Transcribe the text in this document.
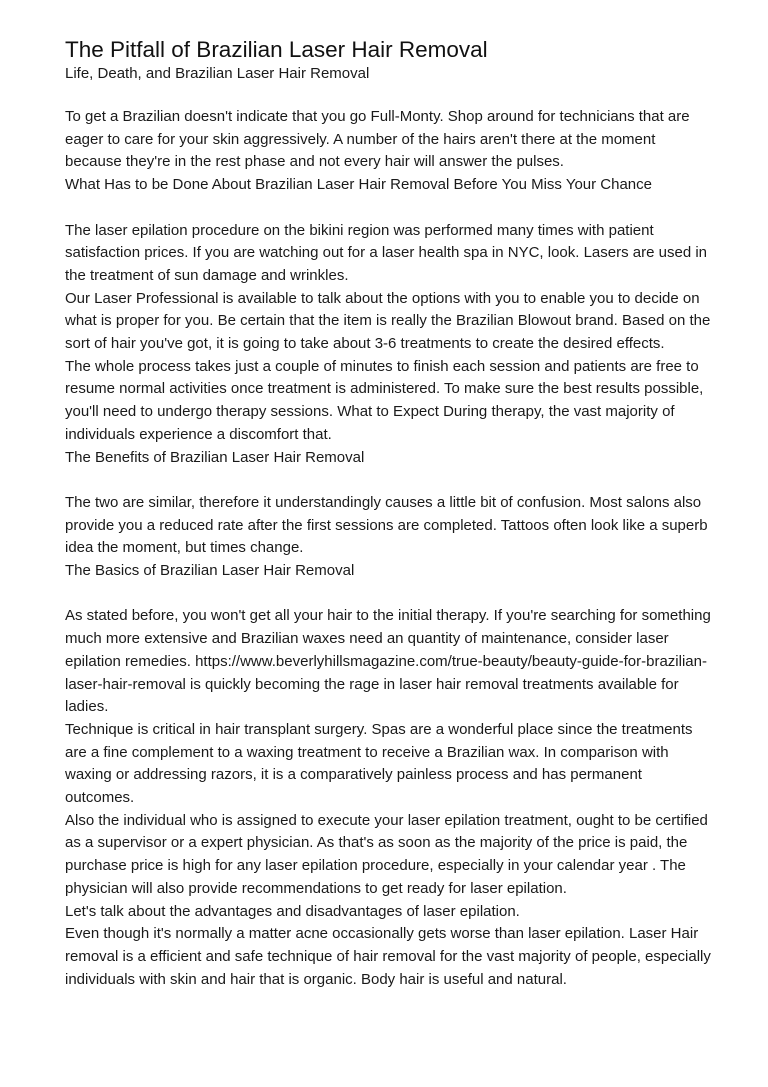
The Pitfall of Brazilian Laser Hair Removal
Life, Death, and Brazilian Laser Hair Removal

To get a Brazilian doesn't indicate that you go Full-Monty. Shop around for technicians that are eager to care for your skin aggressively. A number of the hairs aren't there at the moment because they're in the rest phase and not every hair will answer the pulses.

What Has to be Done About Brazilian Laser Hair Removal Before You Miss Your Chance

The laser epilation procedure on the bikini region was performed many times with patient satisfaction prices. If you are watching out for a laser health spa in NYC, look. Lasers are used in the treatment of sun damage and wrinkles.

Our Laser Professional is available to talk about the options with you to enable you to decide on what is proper for you. Be certain that the item is really the Brazilian Blowout brand. Based on the sort of hair you've got, it is going to take about 3-6 treatments to create the desired effects.

The whole process takes just a couple of minutes to finish each session and patients are free to resume normal activities once treatment is administered. To make sure the best results possible, you'll need to undergo therapy sessions. What to Expect During therapy, the vast majority of individuals experience a discomfort that.

The Benefits of Brazilian Laser Hair Removal

The two are similar, therefore it understandingly causes a little bit of confusion. Most salons also provide you a reduced rate after the first sessions are completed. Tattoos often look like a superb idea the moment, but times change.

The Basics of Brazilian Laser Hair Removal

As stated before, you won't get all your hair to the initial therapy. If you're searching for something much more extensive and Brazilian waxes need an quantity of maintenance, consider laser epilation remedies. https://www.beverlyhillsmagazine.com/true-beauty/beauty-guide-for-brazilian-laser-hair-removal is quickly becoming the rage in laser hair removal treatments available for ladies.

Technique is critical in hair transplant surgery. Spas are a wonderful place since the treatments are a fine complement to a waxing treatment to receive a Brazilian wax. In comparison with waxing or addressing razors, it is a comparatively painless process and has permanent outcomes.

Also the individual who is assigned to execute your laser epilation treatment, ought to be certified as a supervisor or a expert physician. As that's as soon as the majority of the price is paid, the purchase price is high for any laser epilation procedure, especially in your calendar year . The physician will also provide recommendations to get ready for laser epilation.

Let's talk about the advantages and disadvantages of laser epilation.

Even though it's normally a matter acne occasionally gets worse than laser epilation. Laser Hair removal is a efficient and safe technique of hair removal for the vast majority of people, especially individuals with skin and hair that is organic. Body hair is useful and natural.
